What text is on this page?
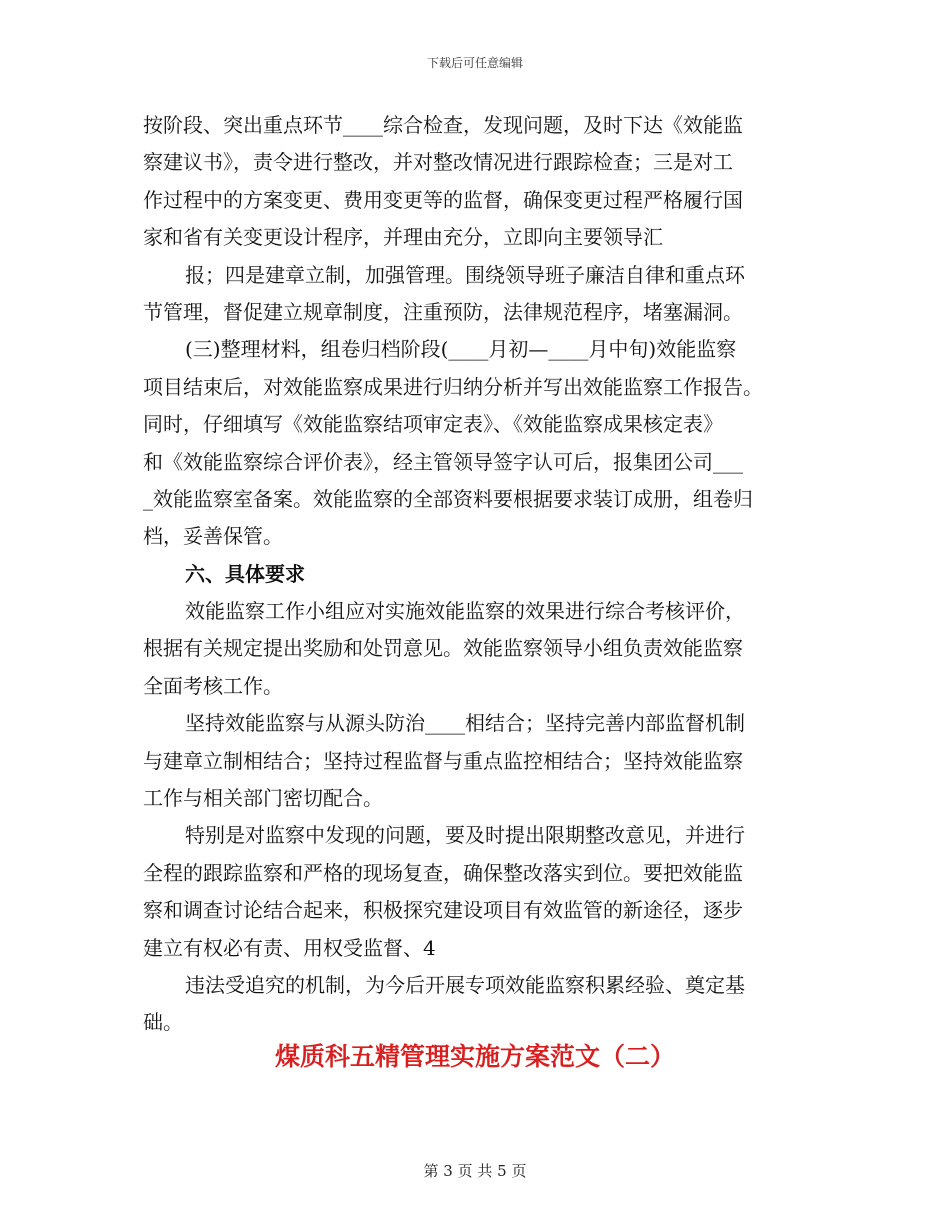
下载后可任意编辑
按阶段、突出重点环节____综合检查，发现问题，及时下达《效能监
察建议书》，责令进行整改，并对整改情况进行跟踪检查；三是对工
作过程中的方案变更、费用变更等的监督，确保变更过程严格履行国
家和省有关变更设计程序，并理由充分，立即向主要领导汇
报；四是建章立制，加强管理。围绕领导班子廉洁自律和重点环
节管理，督促建立规章制度，注重预防，法律规范程序，堵塞漏洞。
(三)整理材料，组卷归档阶段(____月初—____月中旬)效能监察
项目结束后，对效能监察成果进行归纳分析并写出效能监察工作报告。
同时，仔细填写《效能监察结项审定表》、《效能监察成果核定表》
和《效能监察综合评价表》，经主管领导签字认可后，报集团公司___
_效能监察室备案。效能监察的全部资料要根据要求装订成册，组卷归
档，妥善保管。
六、具体要求
效能监察工作小组应对实施效能监察的效果进行综合考核评价，
根据有关规定提出奖励和处罚意见。效能监察领导小组负责效能监察
全面考核工作。
坚持效能监察与从源头防治____相结合；坚持完善内部监督机制
与建章立制相结合；坚持过程监督与重点监控相结合；坚持效能监察
工作与相关部门密切配合。
特别是对监察中发现的问题，要及时提出限期整改意见，并进行
全程的跟踪监察和严格的现场复查，确保整改落实到位。要把效能监
察和调查讨论结合起来，积极探究建设项目有效监管的新途径，逐步
建立有权必有责、用权受监督、4
违法受追究的机制，为今后开展专项效能监察积累经验、奠定基
础。
煤质科五精管理实施方案范文（二）
第 3 页 共 5 页
